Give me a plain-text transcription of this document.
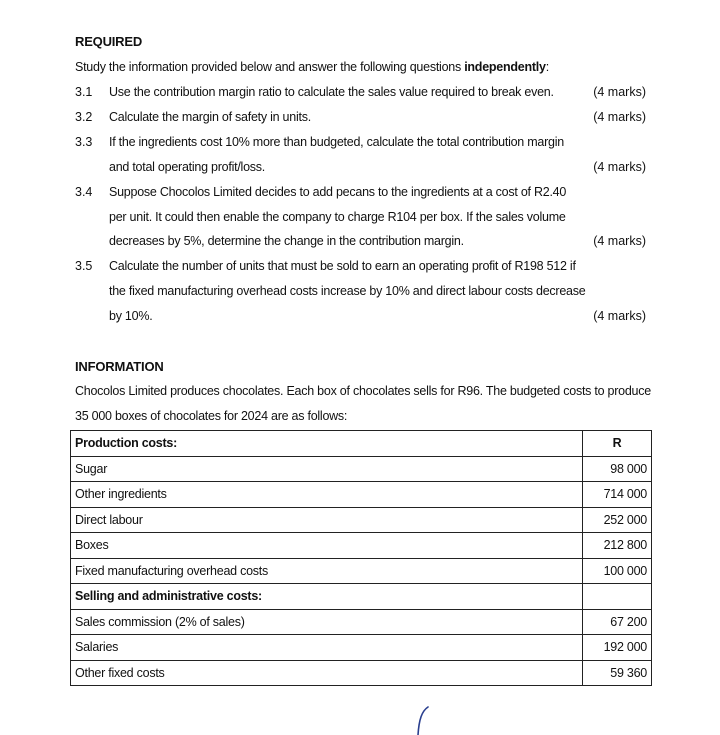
REQUIRED
Study the information provided below and answer the following questions independently:
3.1 Use the contribution margin ratio to calculate the sales value required to break even.	(4 marks)
3.2 Calculate the margin of safety in units.	(4 marks)
3.3 If the ingredients cost 10% more than budgeted, calculate the total contribution margin
and total operating profit/loss.	(4 marks)
3.4 Suppose Chocolos Limited decides to add pecans to the ingredients at a cost of R2.40
per unit. It could then enable the company to charge R104 per box. If the sales volume
decreases by 5%, determine the change in the contribution margin.	(4 marks)
3.5 Calculate the number of units that must be sold to earn an operating profit of R198 512 if
the fixed manufacturing overhead costs increase by 10% and direct labour costs decrease
by 10%.	(4 marks)
INFORMATION
Chocolos Limited produces chocolates. Each box of chocolates sells for R96. The budgeted costs to produce
35 000 boxes of chocolates for 2024 are as follows:
Production costs:	R
Sugar	98 000
Other ingredients	714 000
Direct labour	252 000
Boxes	212 800
Fixed manufacturing overhead costs	100 000
Selling and administrative costs:	
Sales commission (2% of sales)	67 200
Salaries	192 000
Other fixed costs	59 360
